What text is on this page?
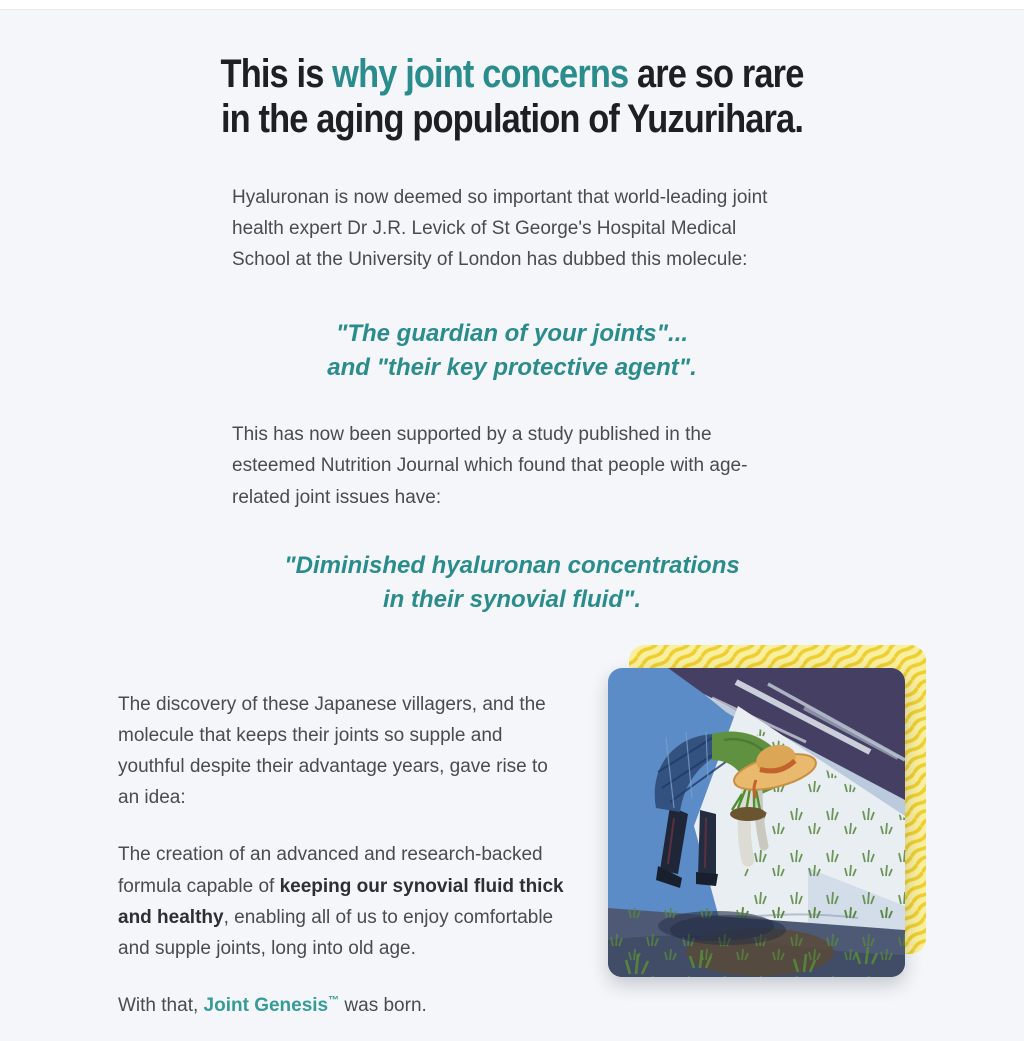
This is why joint concerns are so rare
in the aging population of Yuzurihara.

Hyaluronan is now deemed so important that world-leading joint health expert Dr J.R. Levick of St George's Hospital Medical School at the University of London has dubbed this molecule:

"The guardian of your joints"...
and "their key protective agent".

This has now been supported by a study published in the esteemed Nutrition Journal which found that people with age-related joint issues have:

"Diminished hyaluronan concentrations
in their synovial fluid".

The discovery of these Japanese villagers, and the molecule that keeps their joints so supple and youthful despite their advantage years, gave rise to an idea:

The creation of an advanced and research-backed formula capable of keeping our synovial fluid thick and healthy, enabling all of us to enjoy comfortable and supple joints, long into old age.

With that, Joint Genesis™ was born.
